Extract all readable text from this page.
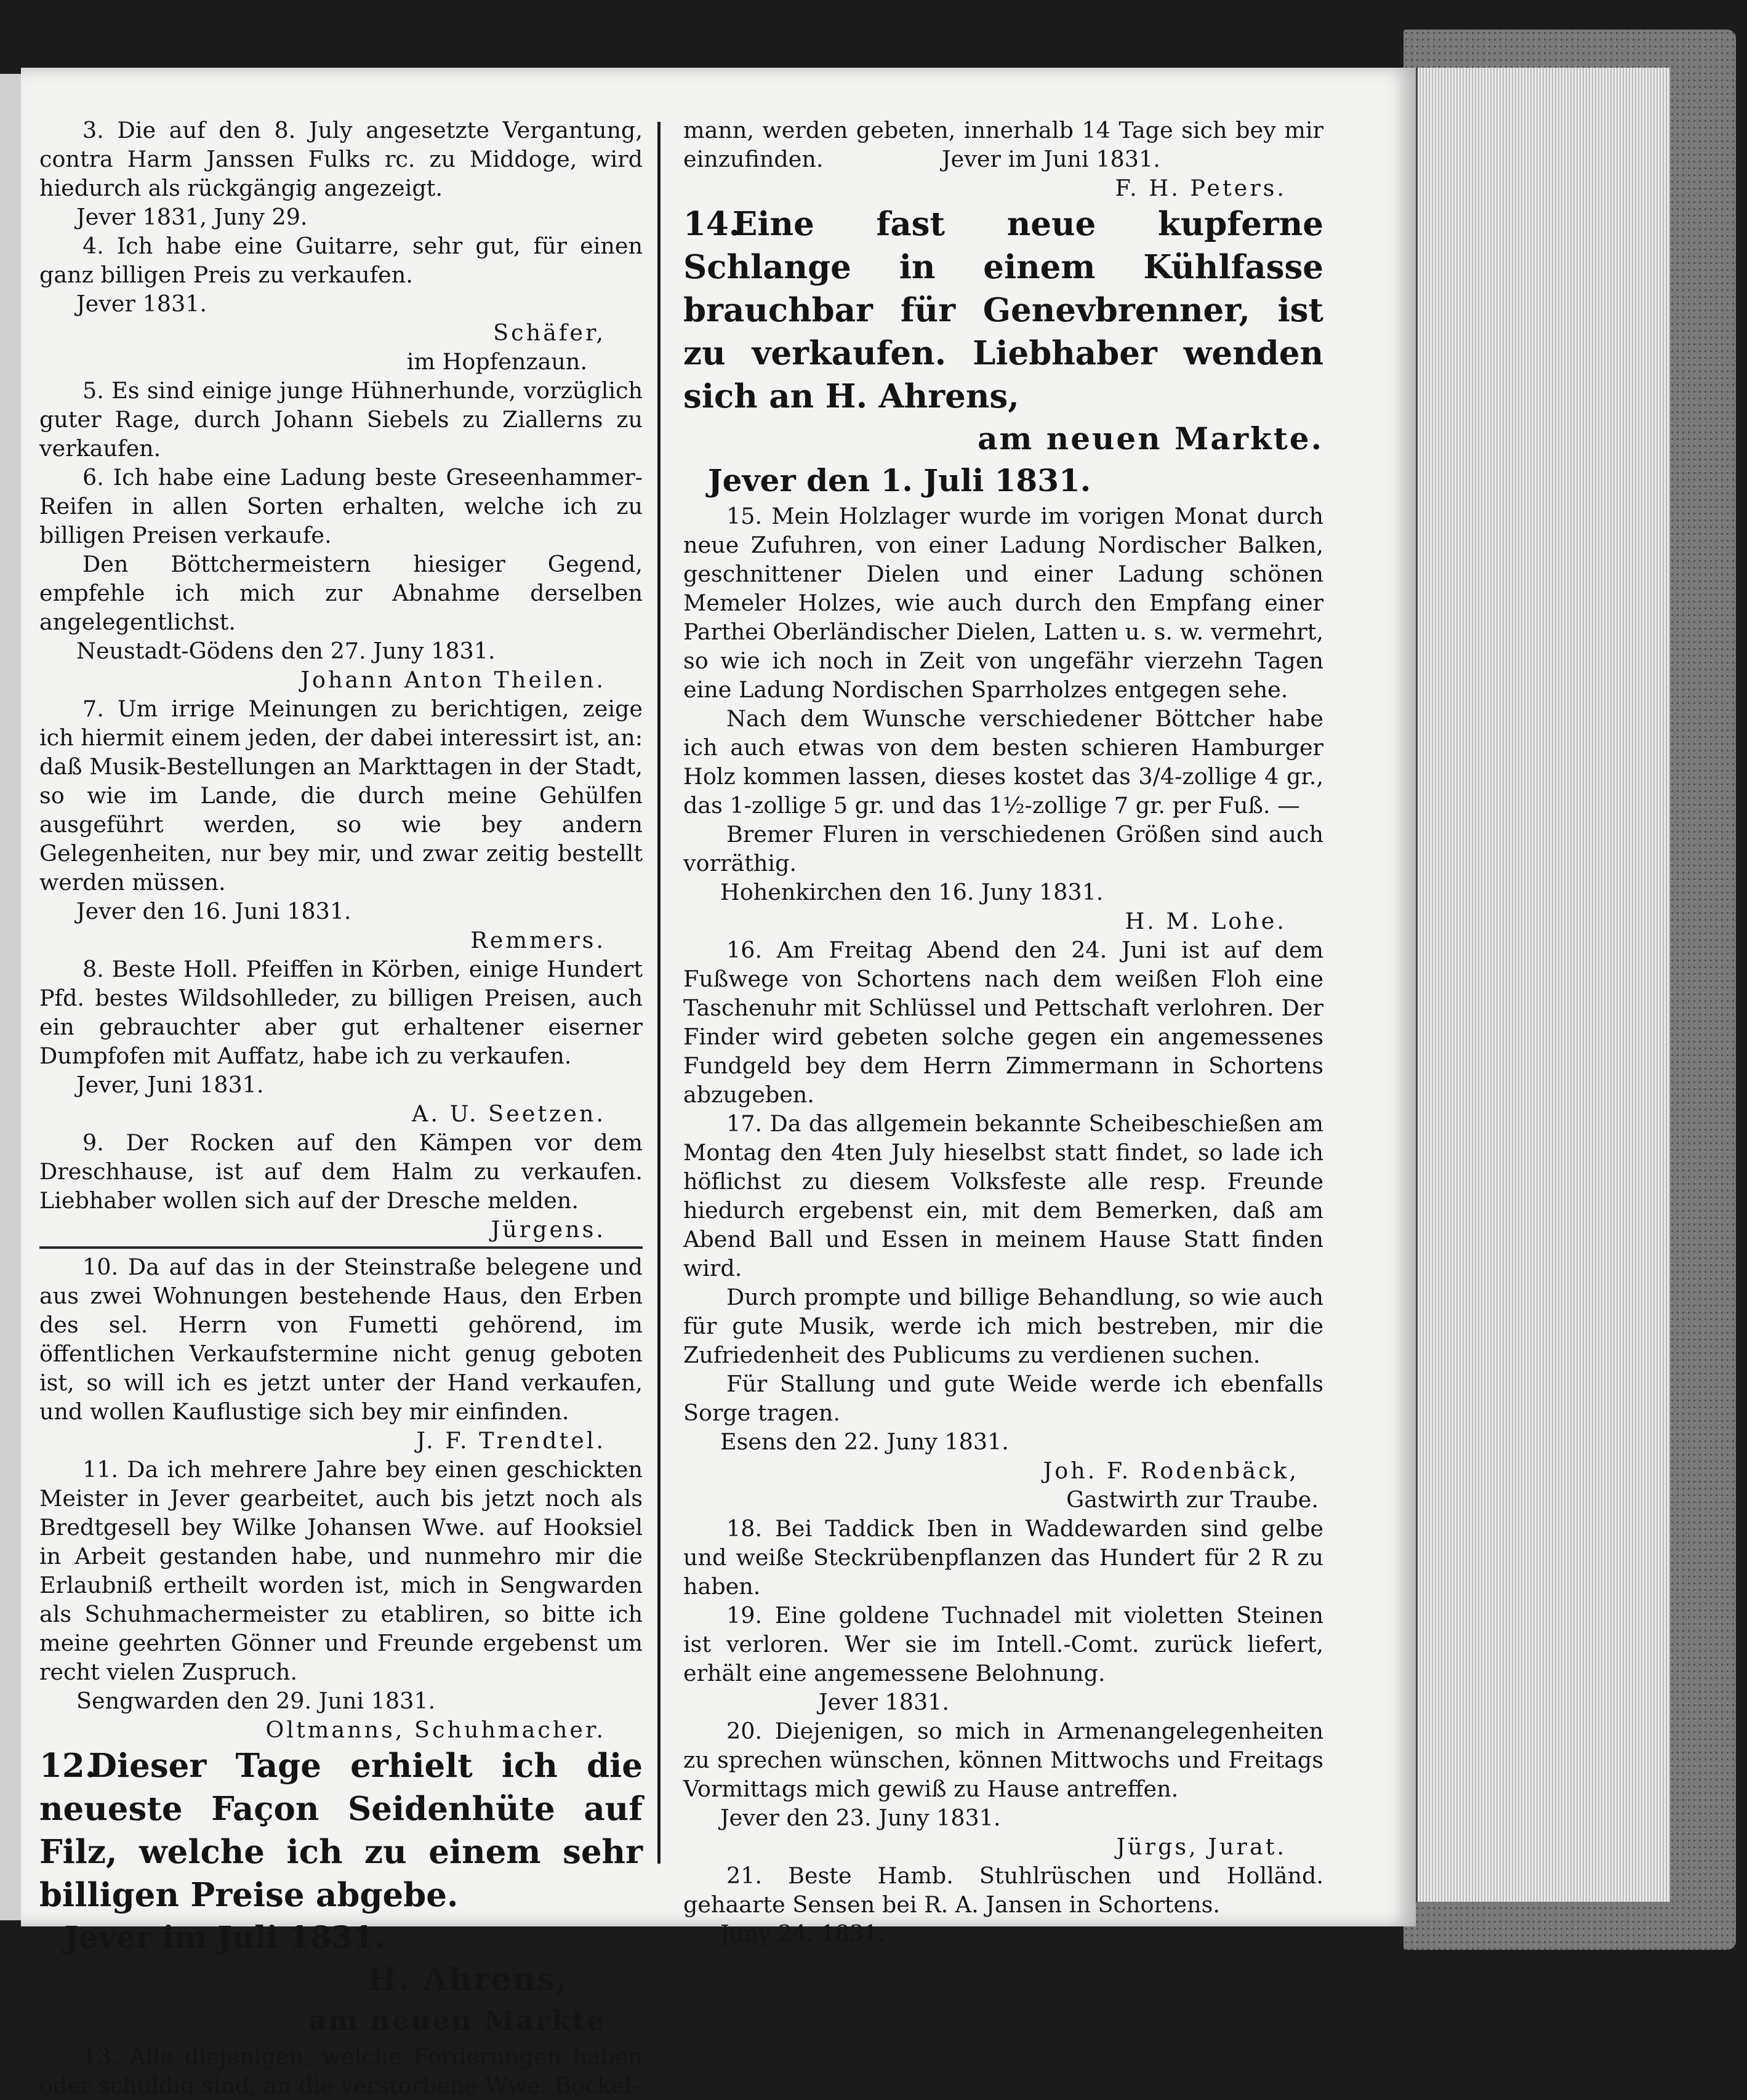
3. Die auf den 8. July angesetzte Vergantung, contra Harm Janssen Fulks rc. zu Middoge, wird hiedurch als rückgängig angezeigt.

Jever 1831, Juny 29.

4. Ich habe eine Guitarre, sehr gut, für einen ganz billigen Preis zu verkaufen.

Jever 1831.

Schäfer,

im Hopfenzaun.

5. Es sind einige junge Hühnerhunde, vorzüglich guter Rage, durch Johann Siebels zu Ziallerns zu verkaufen.

6. Ich habe eine Ladung beste Greseenhammer-Reifen in allen Sorten erhalten, welche ich zu billigen Preisen verkaufe.

Den Böttchermeistern hiesiger Gegend, empfehle ich mich zur Abnahme derselben angelegentlichst.

Neustadt-Gödens den 27. Juny 1831.

Johann Anton Theilen.

7. Um irrige Meinungen zu berichtigen, zeige ich hiermit einem jeden, der dabei interessirt ist, an: daß Musik-Bestellungen an Markttagen in der Stadt, so wie im Lande, die durch meine Gehülfen ausgeführt werden, so wie bey andern Gelegenheiten, nur bey mir, und zwar zeitig bestellt werden müssen.

Jever den 16. Juni 1831.

Remmers.

8. Beste Holl. Pfeiffen in Körben, einige Hundert Pfd. bestes Wildsohlleder, zu billigen Preisen, auch ein gebrauchter aber gut erhaltener eiserner Dumpfofen mit Auffatz, habe ich zu verkaufen.

Jever, Juni 1831.

A. U. Seetzen.

9. Der Rocken auf den Kämpen vor dem Dreschhause, ist auf dem Halm zu verkaufen. Liebhaber wollen sich auf der Dresche melden.

Jürgens.

10. Da auf das in der Steinstraße belegene und aus zwei Wohnungen bestehende Haus, den Erben des sel. Herrn von Fumetti gehörend, im öffentlichen Verkaufstermine nicht genug geboten ist, so will ich es jetzt unter der Hand verkaufen, und wollen Kauflustige sich bey mir einfinden.

J. F. Trendtel.

11. Da ich mehrere Jahre bey einen geschickten Meister in Jever gearbeitet, auch bis jetzt noch als Bredtgesell bey Wilke Johansen Wwe. auf Hooksiel in Arbeit gestanden habe, und nunmehro mir die Erlaubniß ertheilt worden ist, mich in Sengwarden als Schuhmachermeister zu etabliren, so bitte ich meine geehrten Gönner und Freunde ergebenst um recht vielen Zuspruch.

Sengwarden den 29. Juni 1831.

Oltmanns, Schuhmacher.

12.Dieser Tage erhielt ich die neueste Façon Seidenhüte auf Filz, welche ich zu einem sehr billigen Preise abgebe.

Jever im Juli 1831.

H. Ahrens,

am neuen Markte

13. Alle diejenigen, welche Forderungen haben oder schuldig sind, an die verstorbene Wwe. Bockel-

mann, werden gebeten, innerhalb 14 Tage sich bey mir einzufinden.	Jever im Juni 1831.

F. H. Peters.

14.Eine fast neue kupferne Schlange in einem Kühlfasse brauchbar für Genevbrenner, ist zu verkaufen. Liebhaber wenden sich an H. Ahrens,

am neuen Markte.

Jever den 1. Juli 1831.

15. Mein Holzlager wurde im vorigen Monat durch neue Zufuhren, von einer Ladung Nordischer Balken, geschnittener Dielen und einer Ladung schönen Memeler Holzes, wie auch durch den Empfang einer Parthei Oberländischer Dielen, Latten u. s. w. vermehrt, so wie ich noch in Zeit von ungefähr vierzehn Tagen eine Ladung Nordischen Sparrholzes entgegen sehe.

Nach dem Wunsche verschiedener Böttcher habe ich auch etwas von dem besten schieren Hamburger Holz kommen lassen, dieses kostet das 3/4-zollige 4 gr., das 1-zollige 5 gr. und das 1½-zollige 7 gr. per Fuß. —

Bremer Fluren in verschiedenen Größen sind auch vorräthig.

Hohenkirchen den 16. Juny 1831.

H. M. Lohe.

16. Am Freitag Abend den 24. Juni ist auf dem Fußwege von Schortens nach dem weißen Floh eine Taschenuhr mit Schlüssel und Pettschaft verlohren. Der Finder wird gebeten solche gegen ein angemessenes Fundgeld bey dem Herrn Zimmermann in Schortens abzugeben.

17. Da das allgemein bekannte Scheibeschießen am Montag den 4ten July hieselbst statt findet, so lade ich höflichst zu diesem Volksfeste alle resp. Freunde hiedurch ergebenst ein, mit dem Bemerken, daß am Abend Ball und Essen in meinem Hause Statt finden wird.

Durch prompte und billige Behandlung, so wie auch für gute Musik, werde ich mich bestreben, mir die Zufriedenheit des Publicums zu verdienen suchen.

Für Stallung und gute Weide werde ich ebenfalls Sorge tragen.

Esens den 22. Juny 1831.

Joh. F. Rodenbäck,

Gastwirth zur Traube.

18. Bei Taddick Iben in Waddewarden sind gelbe und weiße Steckrübenpflanzen das Hundert für 2 R zu haben.

19. Eine goldene Tuchnadel mit violetten Steinen ist verloren. Wer sie im Intell.-Comt. zurück liefert, erhält eine angemessene Belohnung.

Jever 1831.

20. Diejenigen, so mich in Armenangelegenheiten zu sprechen wünschen, können Mittwochs und Freitags Vormittags mich gewiß zu Hause antreffen.

Jever den 23. Juny 1831.

Jürgs, Jurat.

21. Beste Hamb. Stuhlrüschen und Holländ. gehaarte Sensen bei R. A. Jansen in Schortens.

Juny 24. 1831.
